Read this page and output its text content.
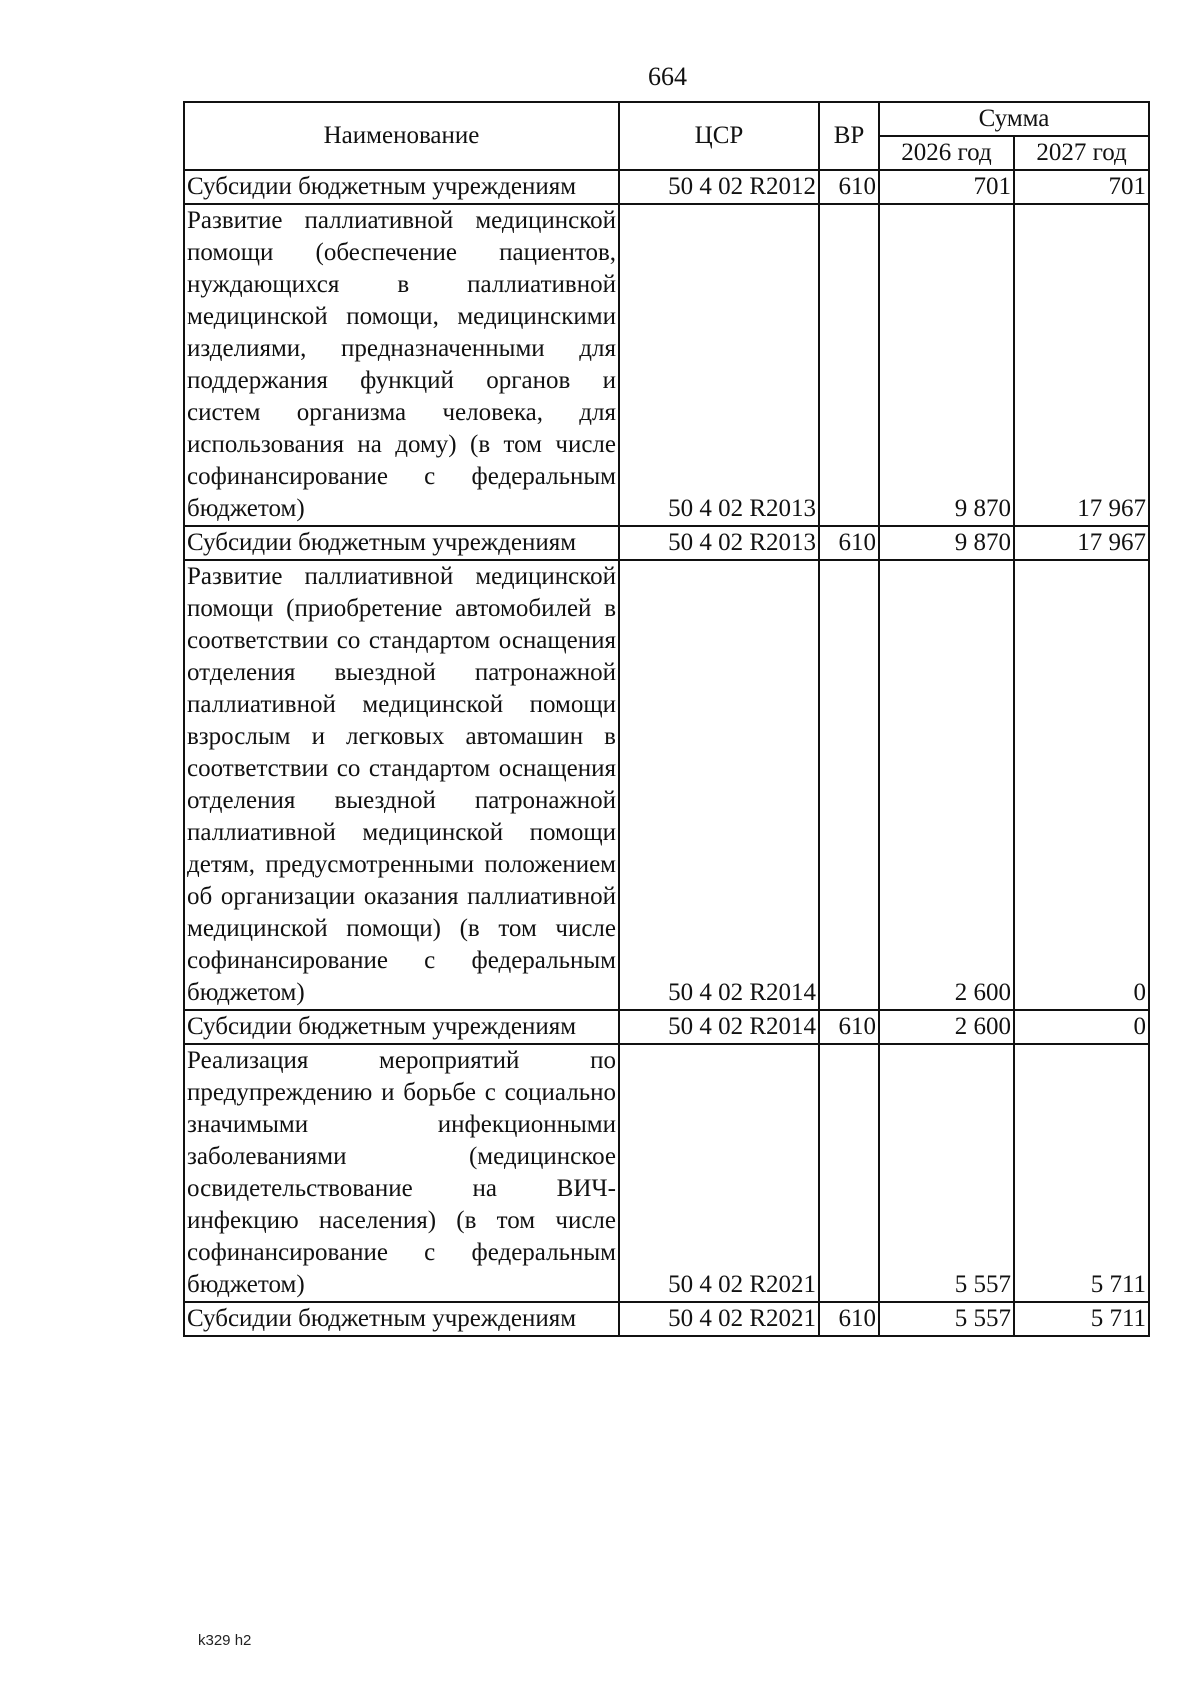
664
Наименование	ЦСР	ВР	Сумма	
			2026 год	2027 год
Субсидии бюджетным учреждениям	50 4 02 R2012	610	701	701
Развитие паллиативной медицинской помощи (обеспечение пациентов, нуждающихся в паллиативной медицинской помощи, медицинскими изделиями, предназначенными для поддержания функций органов и систем организма человека, для использования на дому) (в том числе софинансирование с федеральным бюджетом)	50 4 02 R2013		9 870	17 967
Субсидии бюджетным учреждениям	50 4 02 R2013	610	9 870	17 967
Развитие паллиативной медицинской помощи (приобретение автомобилей в соответствии со стандартом оснащения отделения выездной патронажной паллиативной медицинской помощи взрослым и легковых автомашин в соответствии со стандартом оснащения отделения выездной патронажной паллиативной медицинской помощи детям, предусмотренными положением об организации оказания паллиативной медицинской помощи) (в том числе софинансирование с федеральным бюджетом)	50 4 02 R2014		2 600	0
Субсидии бюджетным учреждениям	50 4 02 R2014	610	2 600	0
Реализация мероприятий по предупреждению и борьбе с социально значимыми инфекционными заболеваниями (медицинское освидетельствование на ВИЧ-инфекцию населения) (в том числе софинансирование с федеральным бюджетом)	50 4 02 R2021		5 557	5 711
Субсидии бюджетным учреждениям	50 4 02 R2021	610	5 557	5 711
k329 h2
